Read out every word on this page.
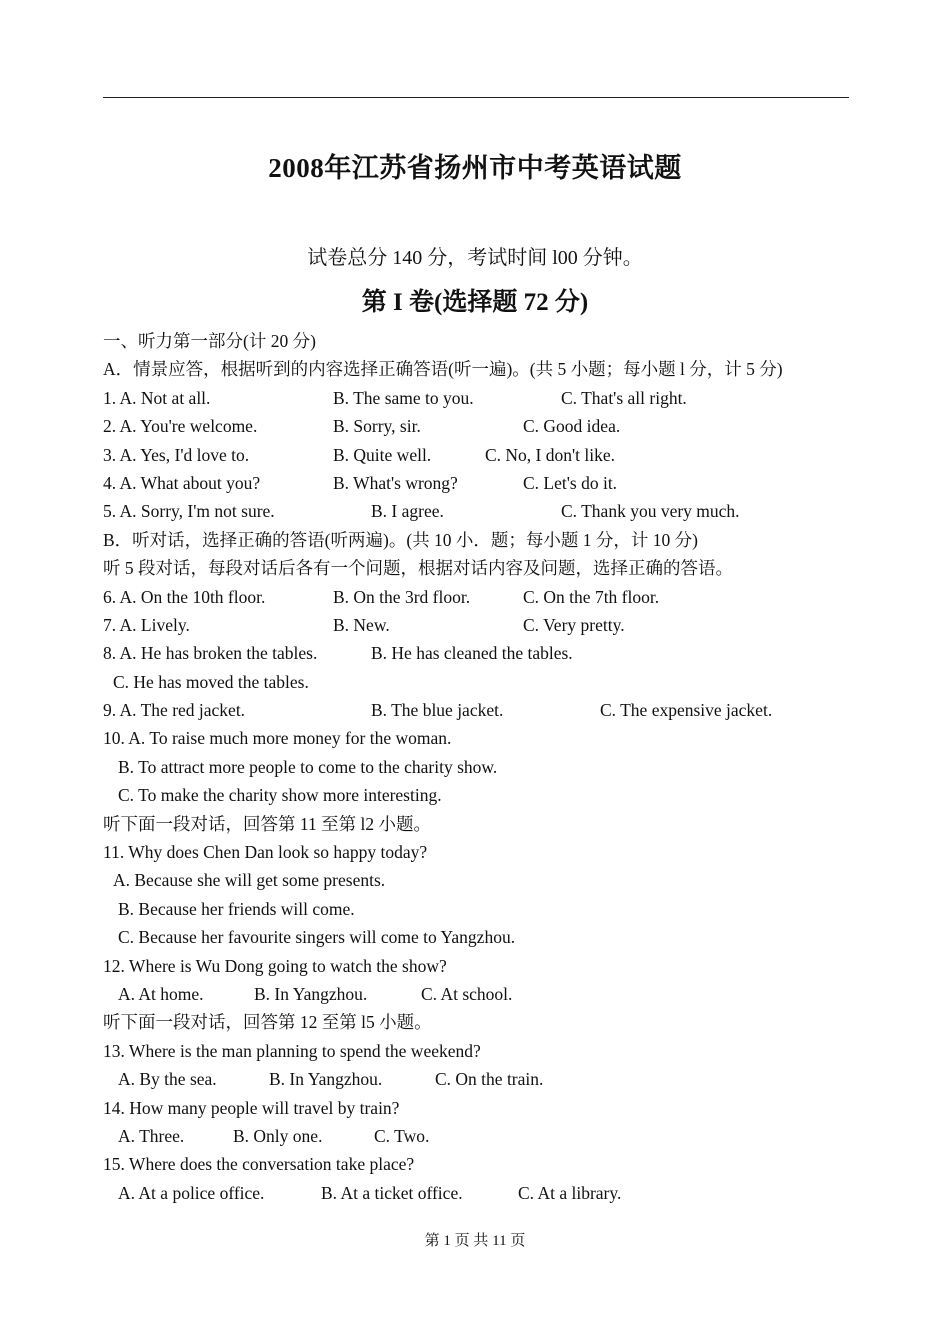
2008年江苏省扬州市中考英语试题
试卷总分 140 分，考试时间 l00 分钟。
第 I 卷(选择题 72 分)
一、听力第一部分(计 20 分)
A．情景应答，根据听到的内容选择正确答语(听一遍)。(共 5 小题；每小题 l 分，计 5 分)
1. A. Not at all.	B. The same to you.	C. That's all right.
2. A. You're welcome.	B. Sorry, sir.	C. Good idea.
3. A. Yes, I'd love to.	B. Quite well.	C. No, I don't like.
4. A. What about you?	B. What's wrong?	C. Let's do it.
5. A. Sorry, I'm not sure.	B. I agree.	C. Thank you very much.
B．听对话，选择正确的答语(听两遍)。(共 10 小．题；每小题 1 分，计 10 分)
听 5 段对话，每段对话后各有一个问题，根据对话内容及问题，选择正确的答语。
6. A. On the 10th floor.	B. On the 3rd floor.	C. On the 7th floor.
7. A. Lively.	B. New.	C. Very pretty.
8. A. He has broken the tables.	B. He has cleaned the tables.
C. He has moved the tables.
9. A. The red jacket.	B. The blue jacket.	C. The expensive jacket.
10. A. To raise much more money for the woman.
B. To attract more people to come to the charity show.
C. To make the charity show more interesting.
听下面一段对话，回答第 11 至第 l2 小题。
11. Why does Chen Dan look so happy today?
A. Because she will get some presents.
B. Because her friends will come.
C. Because her favourite singers will come to Yangzhou.
12. Where is Wu Dong going to watch the show?
A. At home.	B. In Yangzhou.	C. At school.
听下面一段对话，回答第 12 至第 l5 小题。
13. Where is the man planning to spend the weekend?
A. By the sea.	B. In Yangzhou.	C. On the train.
14. How many people will travel by train?
A. Three.	B. Only one.	C. Two.
15. Where does the conversation take place?
A. At a police office.	B. At a ticket office.	C. At a library.
第 1 页 共 11 页
